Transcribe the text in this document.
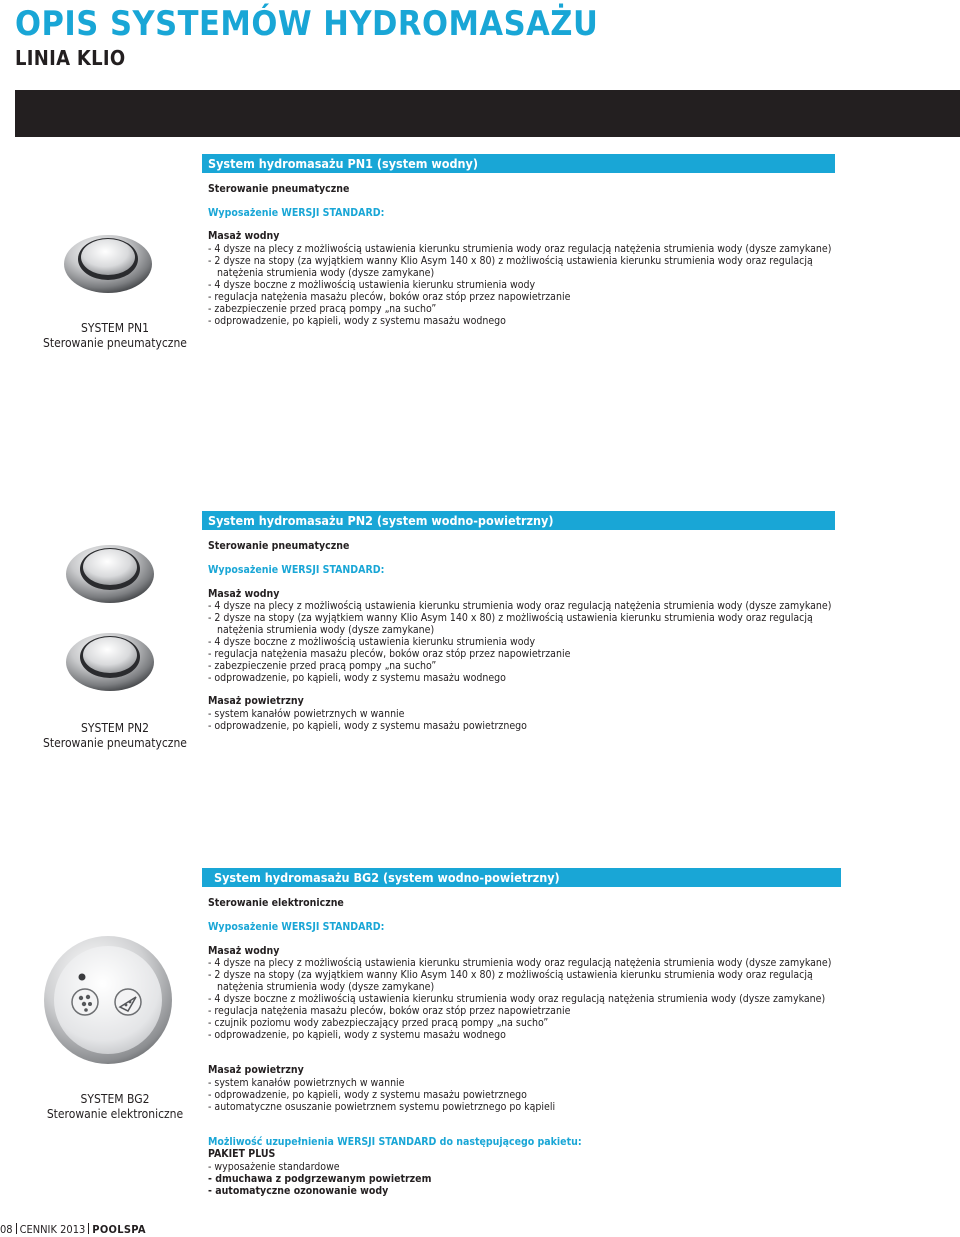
OPIS SYSTEMÓW HYDROMASAŻU
LINIA KLIO
System hydromasażu PN1 (system wodny)
Sterowanie pneumatyczne
Wyposażenie WERSJI STANDARD:
Masaż wodny
- 4 dysze na plecy z możliwością ustawienia kierunku strumienia wody oraz regulacją natężenia strumienia wody (dysze zamykane)
- 2 dysze na stopy (za wyjątkiem wanny Klio Asym 140 x 80) z możliwością ustawienia kierunku strumienia wody oraz regulacją
natężenia strumienia wody (dysze zamykane)
- 4 dysze boczne z możliwością ustawienia kierunku strumienia wody
- regulacja natężenia masażu pleców, boków oraz stóp przez napowietrzanie
- zabezpieczenie przed pracą pompy „na sucho”
- odprowadzenie, po kąpieli, wody z systemu masażu wodnego
SYSTEM PN1
Sterowanie pneumatyczne
System hydromasażu PN2 (system wodno-powietrzny)
Sterowanie pneumatyczne
Wyposażenie WERSJI STANDARD:
Masaż wodny
- 4 dysze na plecy z możliwością ustawienia kierunku strumienia wody oraz regulacją natężenia strumienia wody (dysze zamykane)
- 2 dysze na stopy (za wyjątkiem wanny Klio Asym 140 x 80) z możliwością ustawienia kierunku strumienia wody oraz regulacją
natężenia strumienia wody (dysze zamykane)
- 4 dysze boczne z możliwością ustawienia kierunku strumienia wody
- regulacja natężenia masażu pleców, boków oraz stóp przez napowietrzanie
- zabezpieczenie przed pracą pompy „na sucho”
- odprowadzenie, po kąpieli, wody z systemu masażu wodnego
Masaż powietrzny
- system kanałów powietrznych w wannie
- odprowadzenie, po kąpieli, wody z systemu masażu powietrznego
SYSTEM PN2
Sterowanie pneumatyczne
System hydromasażu BG2 (system wodno-powietrzny)
Sterowanie elektroniczne
Wyposażenie WERSJI STANDARD:
Masaż wodny
- 4 dysze na plecy z możliwością ustawienia kierunku strumienia wody oraz regulacją natężenia strumienia wody (dysze zamykane)
- 2 dysze na stopy (za wyjątkiem wanny Klio Asym 140 x 80) z możliwością ustawienia kierunku strumienia wody oraz regulacją
natężenia strumienia wody (dysze zamykane)
- 4 dysze boczne z możliwością ustawienia kierunku strumienia wody oraz regulacją natężenia strumienia wody (dysze zamykane)
- regulacja natężenia masażu pleców, boków oraz stóp przez napowietrzanie
- czujnik poziomu wody zabezpieczający przed pracą pompy „na sucho”
- odprowadzenie, po kąpieli, wody z systemu masażu wodnego
Masaż powietrzny
- system kanałów powietrznych w wannie
- odprowadzenie, po kąpieli, wody z systemu masażu powietrznego
- automatyczne osuszanie powietrznem systemu powietrznego po kąpieli
Możliwość uzupełnienia WERSJI STANDARD do następującego pakietu:
PAKIET PLUS
- wyposażenie standardowe
- dmuchawa z podgrzewanym powietrzem
- automatyczne ozonowanie wody
SYSTEM BG2
Sterowanie elektroniczne
08 CENNIK 2013 POOLSPA
